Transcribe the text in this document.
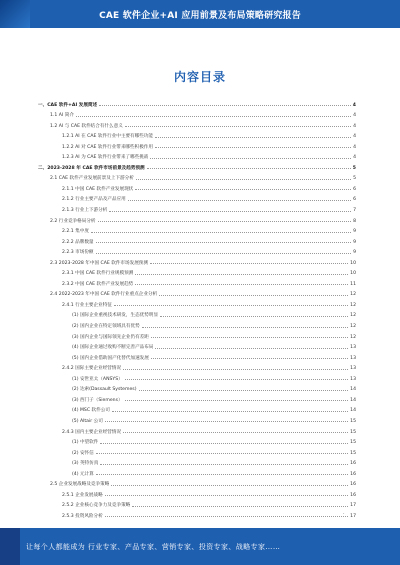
CAE 软件企业+AI 应用前景及布局策略研究报告
内容目录
一、CAE 软件+AI 发展简述	4
1.1 AI 简介	4
1.2 AI 与 CAE 软件结合有什么意义	4
1.2.1 AI 在 CAE 软件行业中主要有哪些功能	4
1.2.2 AI 对 CAE 软件行业带来哪些积极作用	4
1.2.3 AI 为 CAE 软件行业带来了哪些挑战	4
二、2023-2028 年 CAE 软件市场前景及趋势预测	5
2.1 CAE 软件产业发展前景及上下游分析	5
2.1.1 中国 CAE 软件产业发展现状	6
2.1.2 行业主要产品及产品应用	6
2.1.3 行业上下游分析	7
2.2 行业竞争格局分析	8
2.2.1 集中度	9
2.2.2 品牌数量	9
2.2.3 市场份额	9
2.3 2023-2028 年中国 CAE 软件市场发展预测	10
2.3.1 中国 CAE 软件行业规模预测	10
2.3.2 中国 CAE 软件产业发展趋势	11
2.4 2022-2023 年中国 CAE 软件行业重点企业分析	12
2.4.1 行业主要企业特征	12
(1) 国际企业重视技术研发，生态优势明显	12
(2) 国内企业在特定领域具有优势	12
(3) 国内企业与国际领先企业仍有差距	12
(4) 国际企业通过收购不断完善产品布局	13
(5) 国内企业借助国产化替代加速发展	13
2.4.2 国际主要企业经营情况	13
(1) 安世亚太（ANSYS）	13
(2) 达索(Dassault Systemes)	14
(3) 西门子（Siemens）	14
(4) MSC 软件公司	14
(5) Altair 公司	15
2.4.3 国内主要企业经营情况	15
(1) 中望软件	15
(2) 安怀信	15
(3) 英特仿真	16
(4) 元计算	16
2.5 企业发展战略及竞争策略	16
2.5.1 企业发展战略	16
2.5.2 企业核心竞争力及竞争策略	17
2.5.3 投资风险分析	17
·
让每个人都能成为 行业专家、产品专家、营销专家、投资专家、战略专家……
